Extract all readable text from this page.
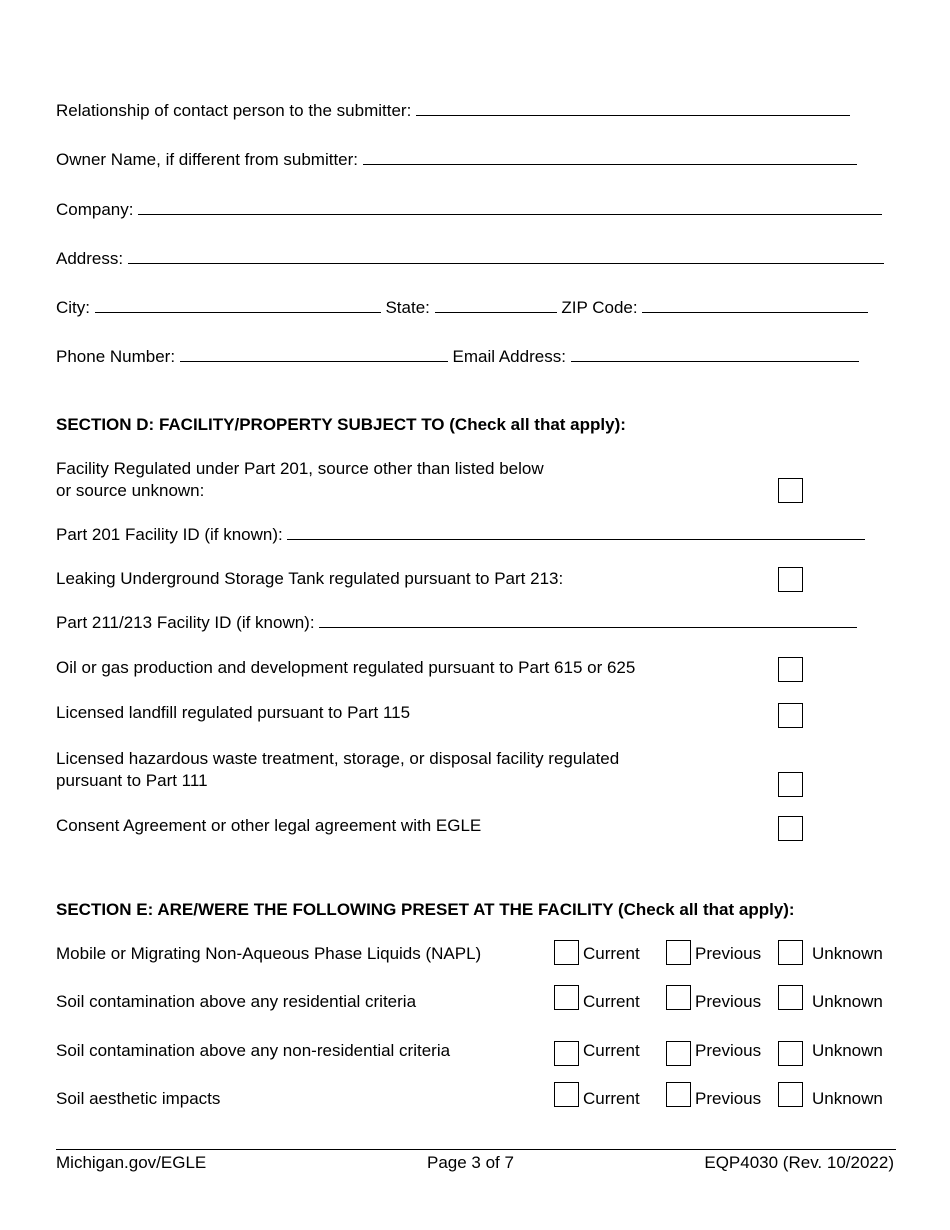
Relationship of contact person to the submitter:
Owner Name, if different from submitter:
Company:
Address:
City:	State:	ZIP Code:
Phone Number:	Email Address:
SECTION D: FACILITY/PROPERTY SUBJECT TO (Check all that apply):
Facility Regulated under Part 201, source other than listed below
or source unknown:
Part 201 Facility ID (if known):
Leaking Underground Storage Tank regulated pursuant to Part 213:
Part 211/213 Facility ID (if known):
Oil or gas production and development regulated pursuant to Part 615 or 625
Licensed landfill regulated pursuant to Part 115
Licensed hazardous waste treatment, storage, or disposal facility regulated
pursuant to Part 111
Consent Agreement or other legal agreement with EGLE
SECTION E: ARE/WERE THE FOLLOWING PRESET AT THE FACILITY (Check all that apply):
Mobile or Migrating Non-Aqueous Phase Liquids (NAPL)	Current	Previous	Unknown
Soil contamination above any residential criteria	Current	Previous	Unknown
Soil contamination above any non-residential criteria	Current	Previous	Unknown
Soil aesthetic impacts	Current	Previous	Unknown
Michigan.gov/EGLE	Page 3 of 7	EQP4030 (Rev. 10/2022)
